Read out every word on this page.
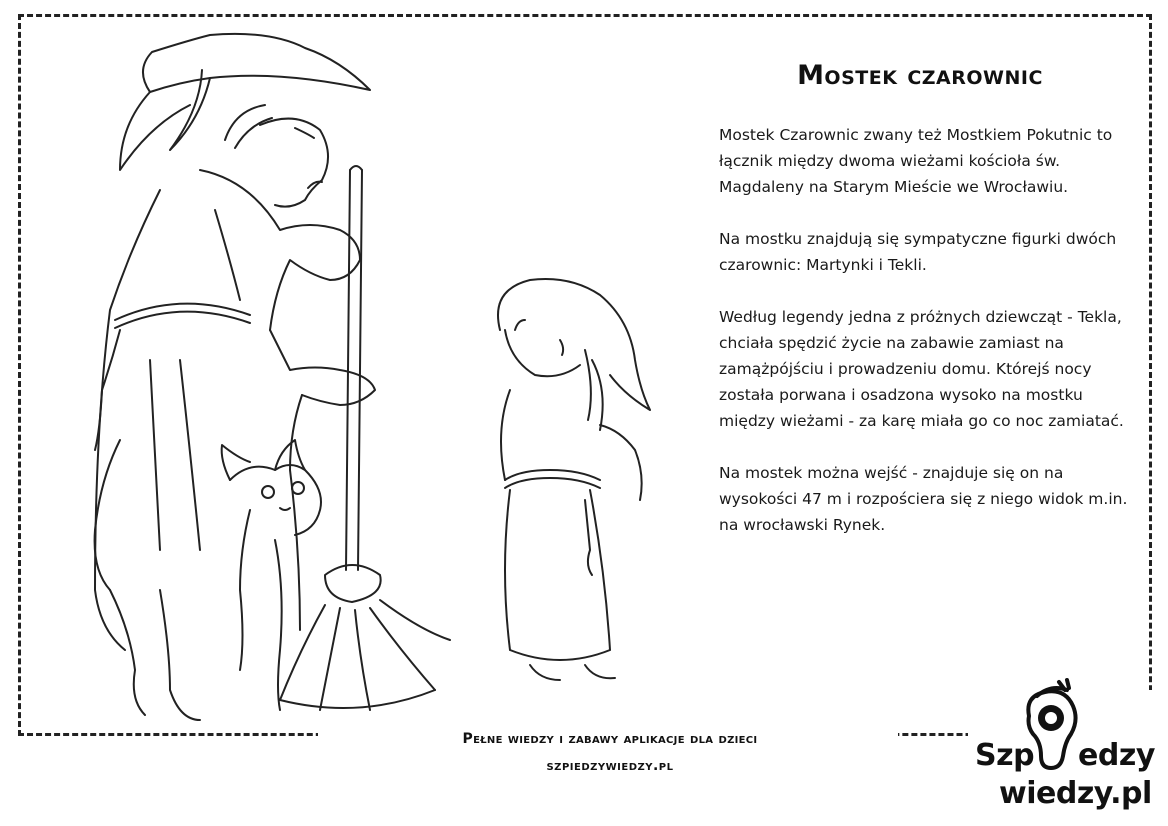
Mostek czarownic

Mostek Czarownic zwany też Mostkiem Pokutnic to łącznik między dwoma wieżami kościoła św. Magdaleny na Starym Mieście we Wrocławiu.

Na mostku znajdują się sympatyczne figurki dwóch czarownic: Martynki i Tekli.

Według legendy jedna z próżnych dziewcząt - Tekla, chciała spędzić życie na zabawie zamiast na zamążpójściu i prowadzeniu domu. Którejś nocy została porwana i osadzona wysoko na mostku między wieżami - za karę miała go co noc zamiatać.

Na mostek można wejść - znajduje się on na wysokości 47 m i rozpościera się z niego widok m.in. na wrocławski Rynek.

Pełne wiedzy i zabawy aplikacje dla dzieci
szpiedzywiedzy.pl	Szp edzy
wiedzy.pl
